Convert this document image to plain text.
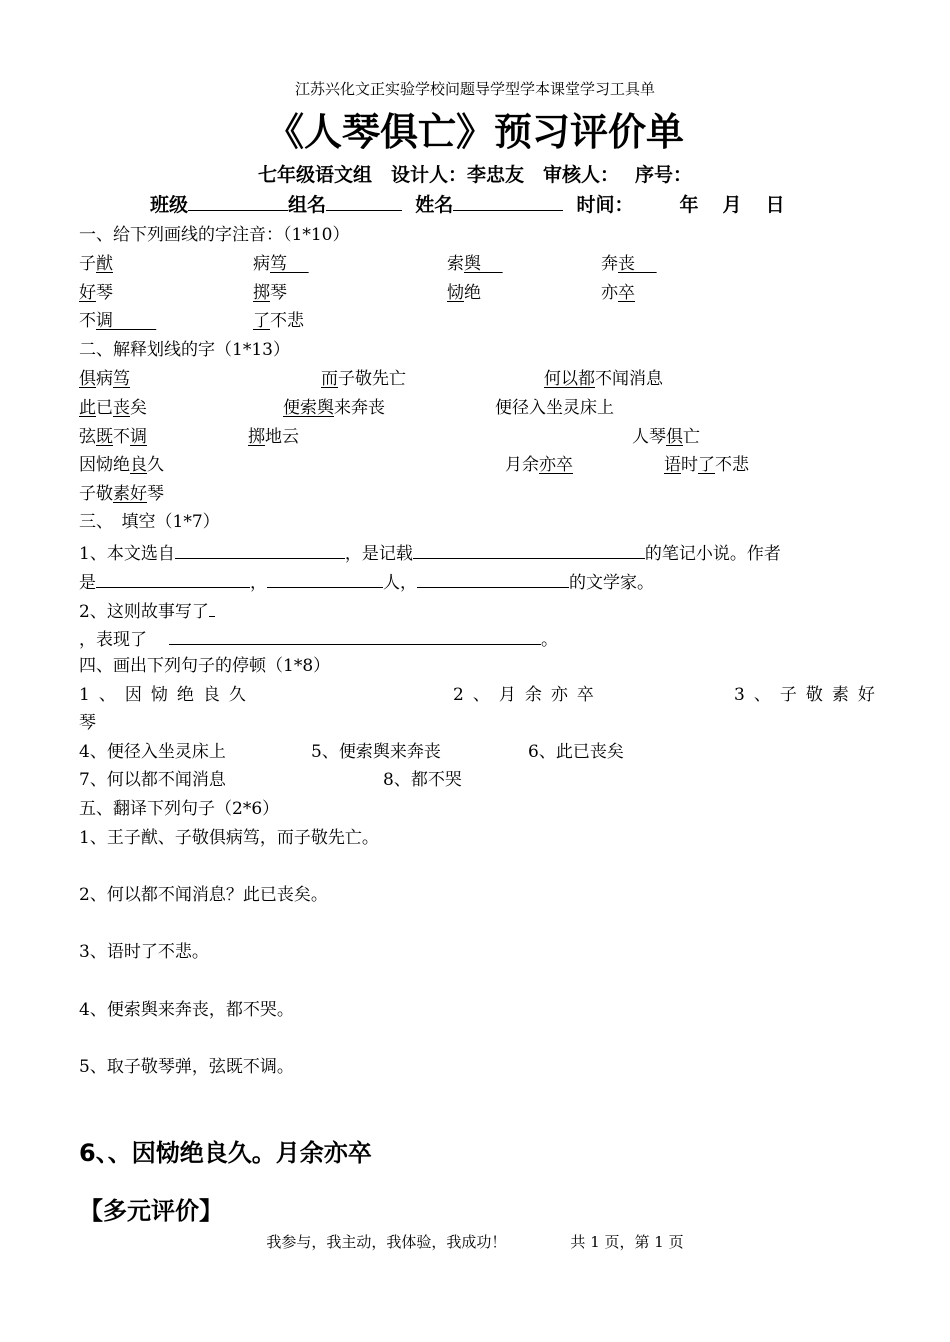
江苏兴化文正实验学校问题导学型学本课堂学习工具单
《人琴俱亡》预习评价单
七年级语文组　设计人：李忠友　审核人：　 序号：
班级	组名	姓名	时间： 年 月 日
一、给下列画线的字注音：（1*10）
子猷	病笃	索舆	奔丧
好琴	掷琴	恸绝	亦卒
不调	了不悲
二、解释划线的字（1*13）
俱病笃	而子敬先亡	何以都不闻消息
此已丧矣	便索舆来奔丧	便径入坐灵床上
弦既不调	掷地云	人琴俱亡
因恸绝良久	月余亦卒	语时了不悲
子敬素好琴
三、　填空（1*7）
1、本文选自	，是记载	的笔记小说。作者
是	，	人，	的文学家。
2、这则故事写了
，表现了	。
四、画出下列句子的停顿（1*8）
1、因恸绝良久	2、月余亦卒	3、子敬素好
琴
4、便径入坐灵床上	5、便索舆来奔丧	6、此已丧矣
7、何以都不闻消息	8、都不哭
五、翻译下列句子（2*6）
1、王子猷、子敬俱病笃，而子敬先亡。
2、何以都不闻消息？此已丧矣。
3、语时了不悲。
4、便索舆来奔丧，都不哭。
5、取子敬琴弹，弦既不调。
6、、因恸绝良久。月余亦卒
【多元评价】
我参与，我主动，我体验，我成功！	共 1 页，第 1 页
